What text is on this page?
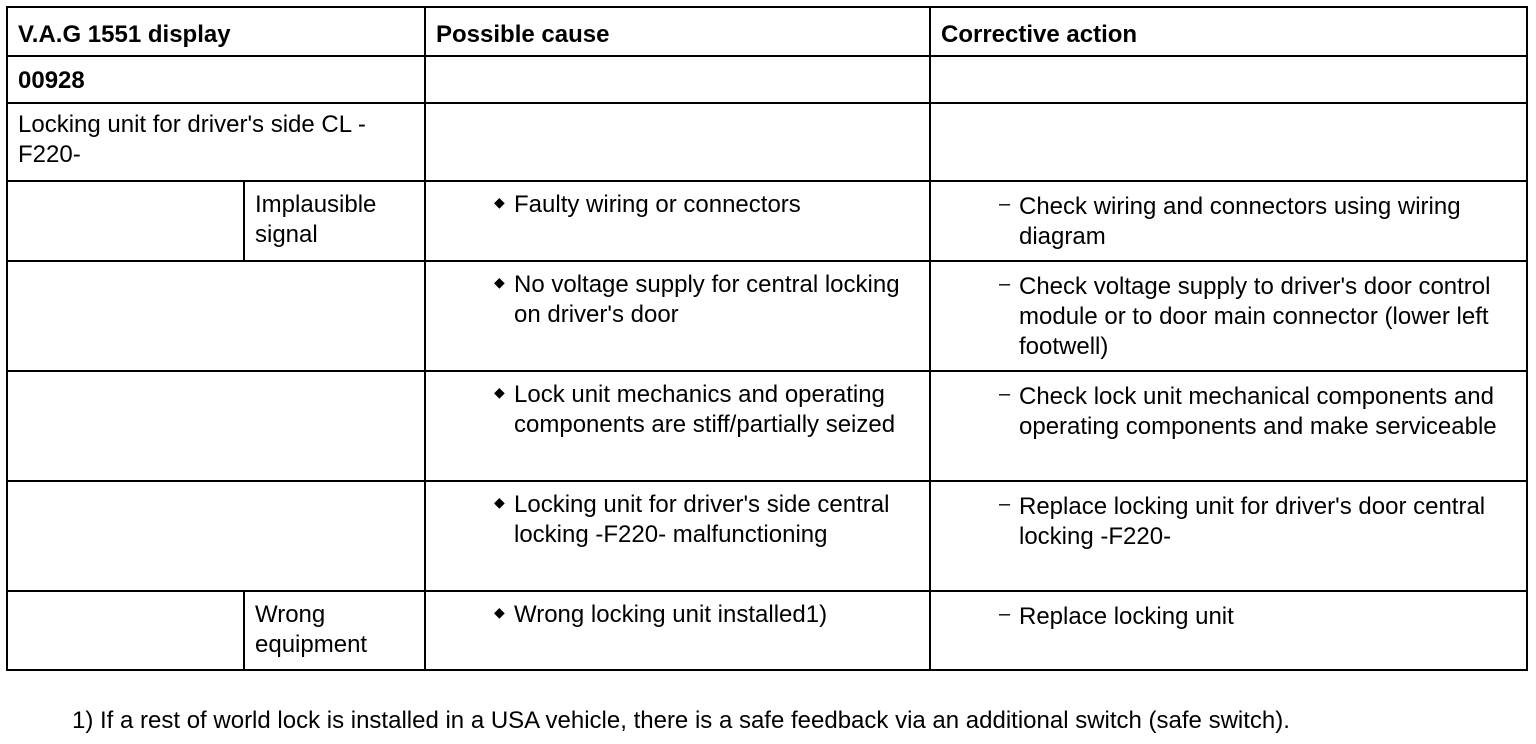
V.A.G 1551 display		Possible cause	Corrective action
00928			

Locking unit for driver's side CL - F220-			

	Implausible signal	◆ Faulty wiring or connectors	– Check wiring and connectors using wiring diagram

		◆ No voltage supply for central locking on driver's door	– Check voltage supply to driver's door control module or to door main connector (lower left footwell)

		◆ Lock unit mechanics and operating components are stiff/partially seized	– Check lock unit mechanical components and operating components and make serviceable

		◆ Locking unit for driver's side central locking -F220- malfunctioning	– Replace locking unit for driver's door central locking -F220-

	Wrong equipment	◆ Wrong locking unit installed1)	– Replace locking unit
1) If a rest of world lock is installed in a USA vehicle, there is a safe feedback via an additional switch (safe switch).
